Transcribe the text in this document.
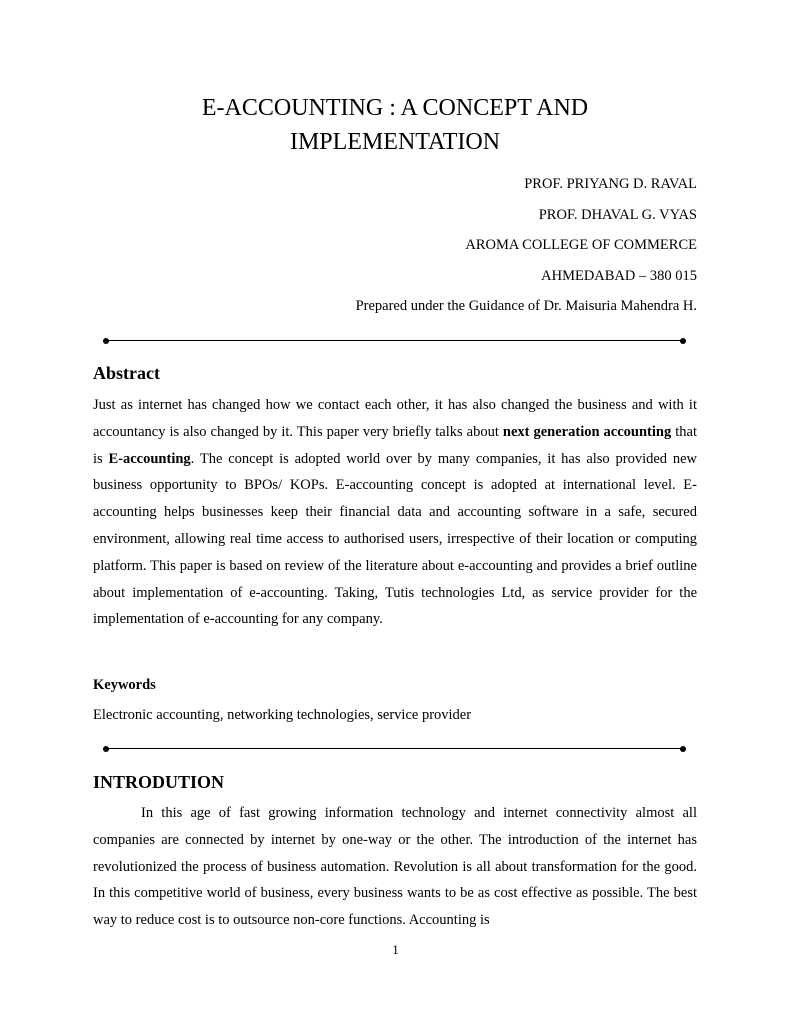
E-ACCOUNTING : A CONCEPT AND
IMPLEMENTATION
PROF. PRIYANG D. RAVAL
PROF. DHAVAL G. VYAS
AROMA COLLEGE OF COMMERCE
AHMEDABAD – 380 015
Prepared under the Guidance of Dr. Maisuria Mahendra H.
Abstract

Just as internet has changed how we contact each other, it has also changed the business and with it accountancy is also changed by it. This paper very briefly talks about next generation accounting that is E-accounting. The concept is adopted world over by many companies, it has also provided new business opportunity to BPOs/ KOPs. E-accounting concept is adopted at international level. E-accounting helps businesses keep their financial data and accounting software in a safe, secured environment, allowing real time access to authorised users, irrespective of their location or computing platform. This paper is based on review of the literature about e-accounting and provides a brief outline about implementation of e-accounting. Taking, Tutis technologies Ltd, as service provider for the implementation of e-accounting for any company.

Keywords

Electronic accounting, networking technologies, service provider

INTRODUTION

In this age of fast growing information technology and internet connectivity almost all companies are connected by internet by one-way or the other. The introduction of the internet has revolutionized the process of business automation. Revolution is all about transformation for the good. In this competitive world of business, every business wants to be as cost effective as possible. The best way to reduce cost is to outsource non-core functions. Accounting is

1
